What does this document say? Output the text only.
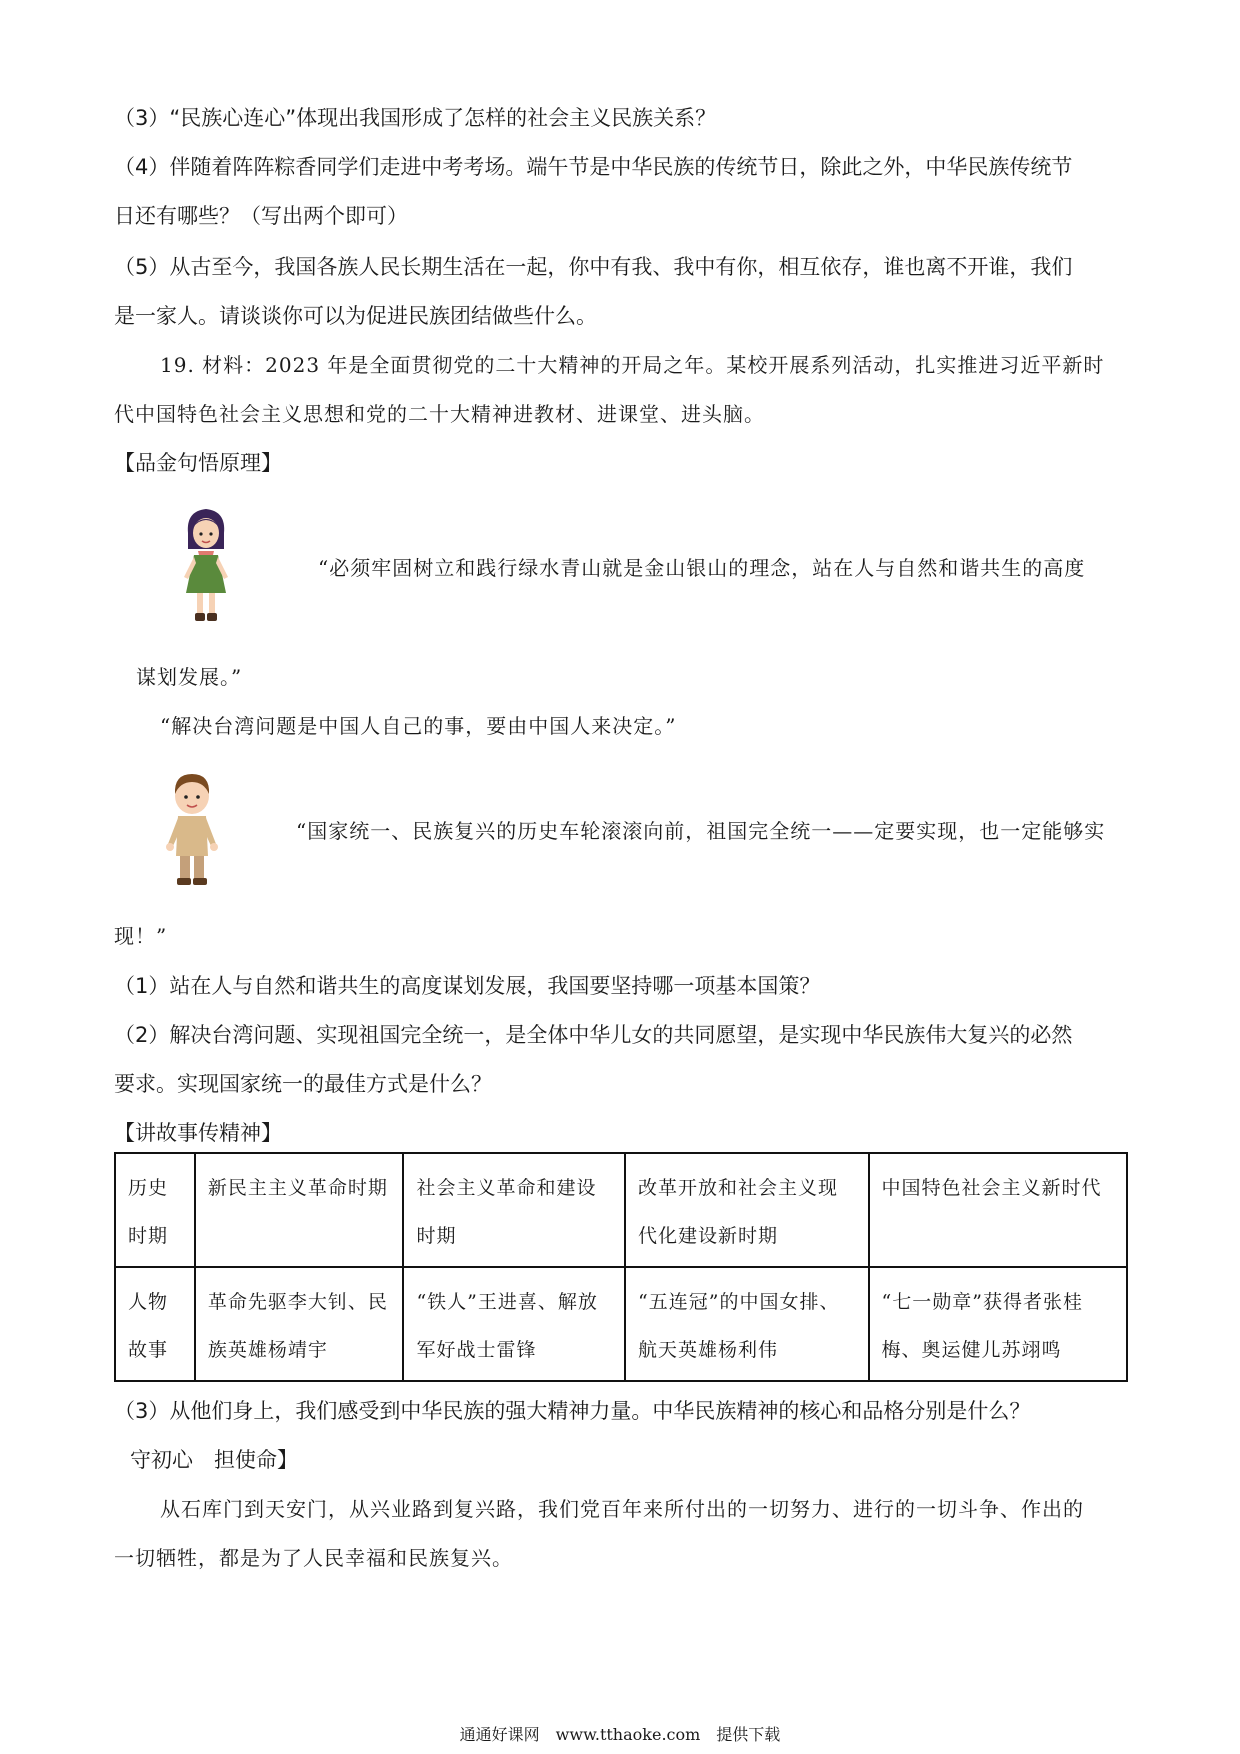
（3）“民族心连心”体现出我国形成了怎样的社会主义民族关系？
（4）伴随着阵阵粽香同学们走进中考考场。端午节是中华民族的传统节日，除此之外，中华民族传统节
日还有哪些？（写出两个即可）
（5）从古至今，我国各族人民长期生活在一起，你中有我、我中有你，相互依存，谁也离不开谁，我们
是一家人。请谈谈你可以为促进民族团结做些什么。
19. 材料：2023 年是全面贯彻党的二十大精神的开局之年。某校开展系列活动，扎实推进习近平新时
代中国特色社会主义思想和党的二十大精神进教材、进课堂、进头脑。
【品金句悟原理】
“必须牢固树立和践行绿水青山就是金山银山的理念，站在人与自然和谐共生的高度
谋划发展。”
“解决台湾问题是中国人自己的事，要由中国人来决定。”
“国家统一、民族复兴的历史车轮滚滚向前，祖国完全统一——定要实现，也一定能够实
现！”
（1）站在人与自然和谐共生的高度谋划发展，我国要坚持哪一项基本国策？
（2）解决台湾问题、实现祖国完全统一，是全体中华儿女的共同愿望，是实现中华民族伟大复兴的必然
要求。实现国家统一的最佳方式是什么？
【讲故事传精神】
历史时期	新民主主义革命时期	社会主义革命和建设时期	改革开放和社会主义现代化建设新时期	中国特色社会主义新时代
人物故事	革命先驱李大钊、民族英雄杨靖宇	“铁人”王进喜、解放军好战士雷锋	“五连冠”的中国女排、航天英雄杨利伟	“七一勋章”获得者张桂梅、奥运健儿苏翊鸣
（3）从他们身上，我们感受到中华民族的强大精神力量。中华民族精神的核心和品格分别是什么？
守初心　担使命】
从石库门到天安门，从兴业路到复兴路，我们党百年来所付出的一切努力、进行的一切斗争、作出的
一切牺牲，都是为了人民幸福和民族复兴。
通通好课网　www.tthaoke.com　提供下载
